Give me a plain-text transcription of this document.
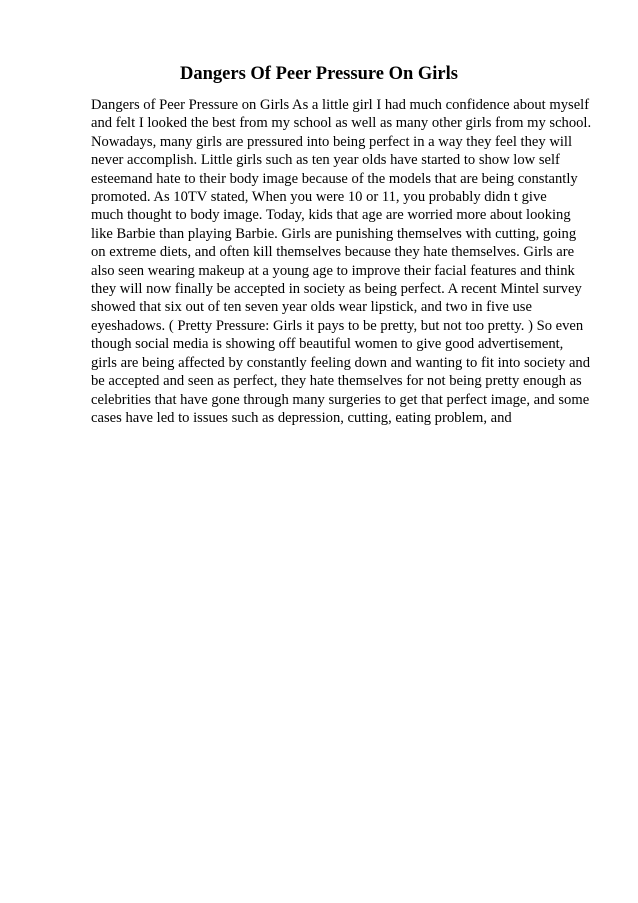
Dangers Of Peer Pressure On Girls

Dangers of Peer Pressure on Girls As a little girl I had much confidence about myself
and felt I looked the best from my school as well as many other girls from my school.
Nowadays, many girls are pressured into being perfect in a way they feel they will
never accomplish. Little girls such as ten year olds have started to show low self
esteemand hate to their body image because of the models that are being constantly
promoted. As 10TV stated, When you were 10 or 11, you probably didn t give
much thought to body image. Today, kids that age are worried more about looking
like Barbie than playing Barbie. Girls are punishing themselves with cutting, going
on extreme diets, and often kill themselves because they hate themselves. Girls are
also seen wearing makeup at a young age to improve their facial features and think
they will now finally be accepted in society as being perfect. A recent Mintel survey
showed that six out of ten seven year olds wear lipstick, and two in five use
eyeshadows. ( Pretty Pressure: Girls it pays to be pretty, but not too pretty. ) So even
though social media is showing off beautiful women to give good advertisement,
girls are being affected by constantly feeling down and wanting to fit into society and
be accepted and seen as perfect, they hate themselves for not being pretty enough as
celebrities that have gone through many surgeries to get that perfect image, and some
cases have led to issues such as depression, cutting, eating problem, and
